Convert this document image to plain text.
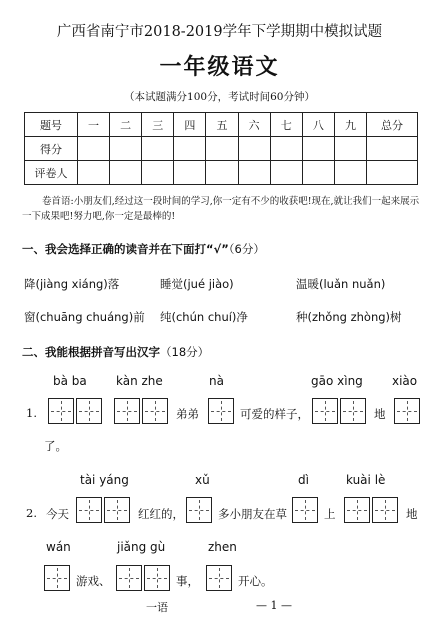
广西省南宁市2018-2019学年下学期期中模拟试题
一年级语文
（本试题满分100分，考试时间60分钟）
题号	一	二	三	四	五	六	七	八	九	总分
得分										
评卷人										
卷首语:小朋友们,经过这一段时间的学习,你一定有不少的收获吧!现在,就让我们一起来展示一下成果吧!努力吧,你一定是最棒的!
一、我会选择正确的读音并在下面打“√”（6分）
降(jiàng xiáng)落	睡觉(jué jiào)	温暖(luǎn nuǎn)
窗(chuāng chuáng)前 纯(chún chuí)净	种(zhǒng zhòng)树
二、我能根据拼音写出汉字（18分）
bà ba kàn zhe	nà	gāo xìng xiào
1.	弟弟	可爱的样子，	地
了。
tài yáng	xǔ	dì	kuài lè
2. 今天	红红的，	多小朋友在草	上	地
wán	jiǎng gù	zhen
游戏、	事，	开心。
一语	— 1 —
